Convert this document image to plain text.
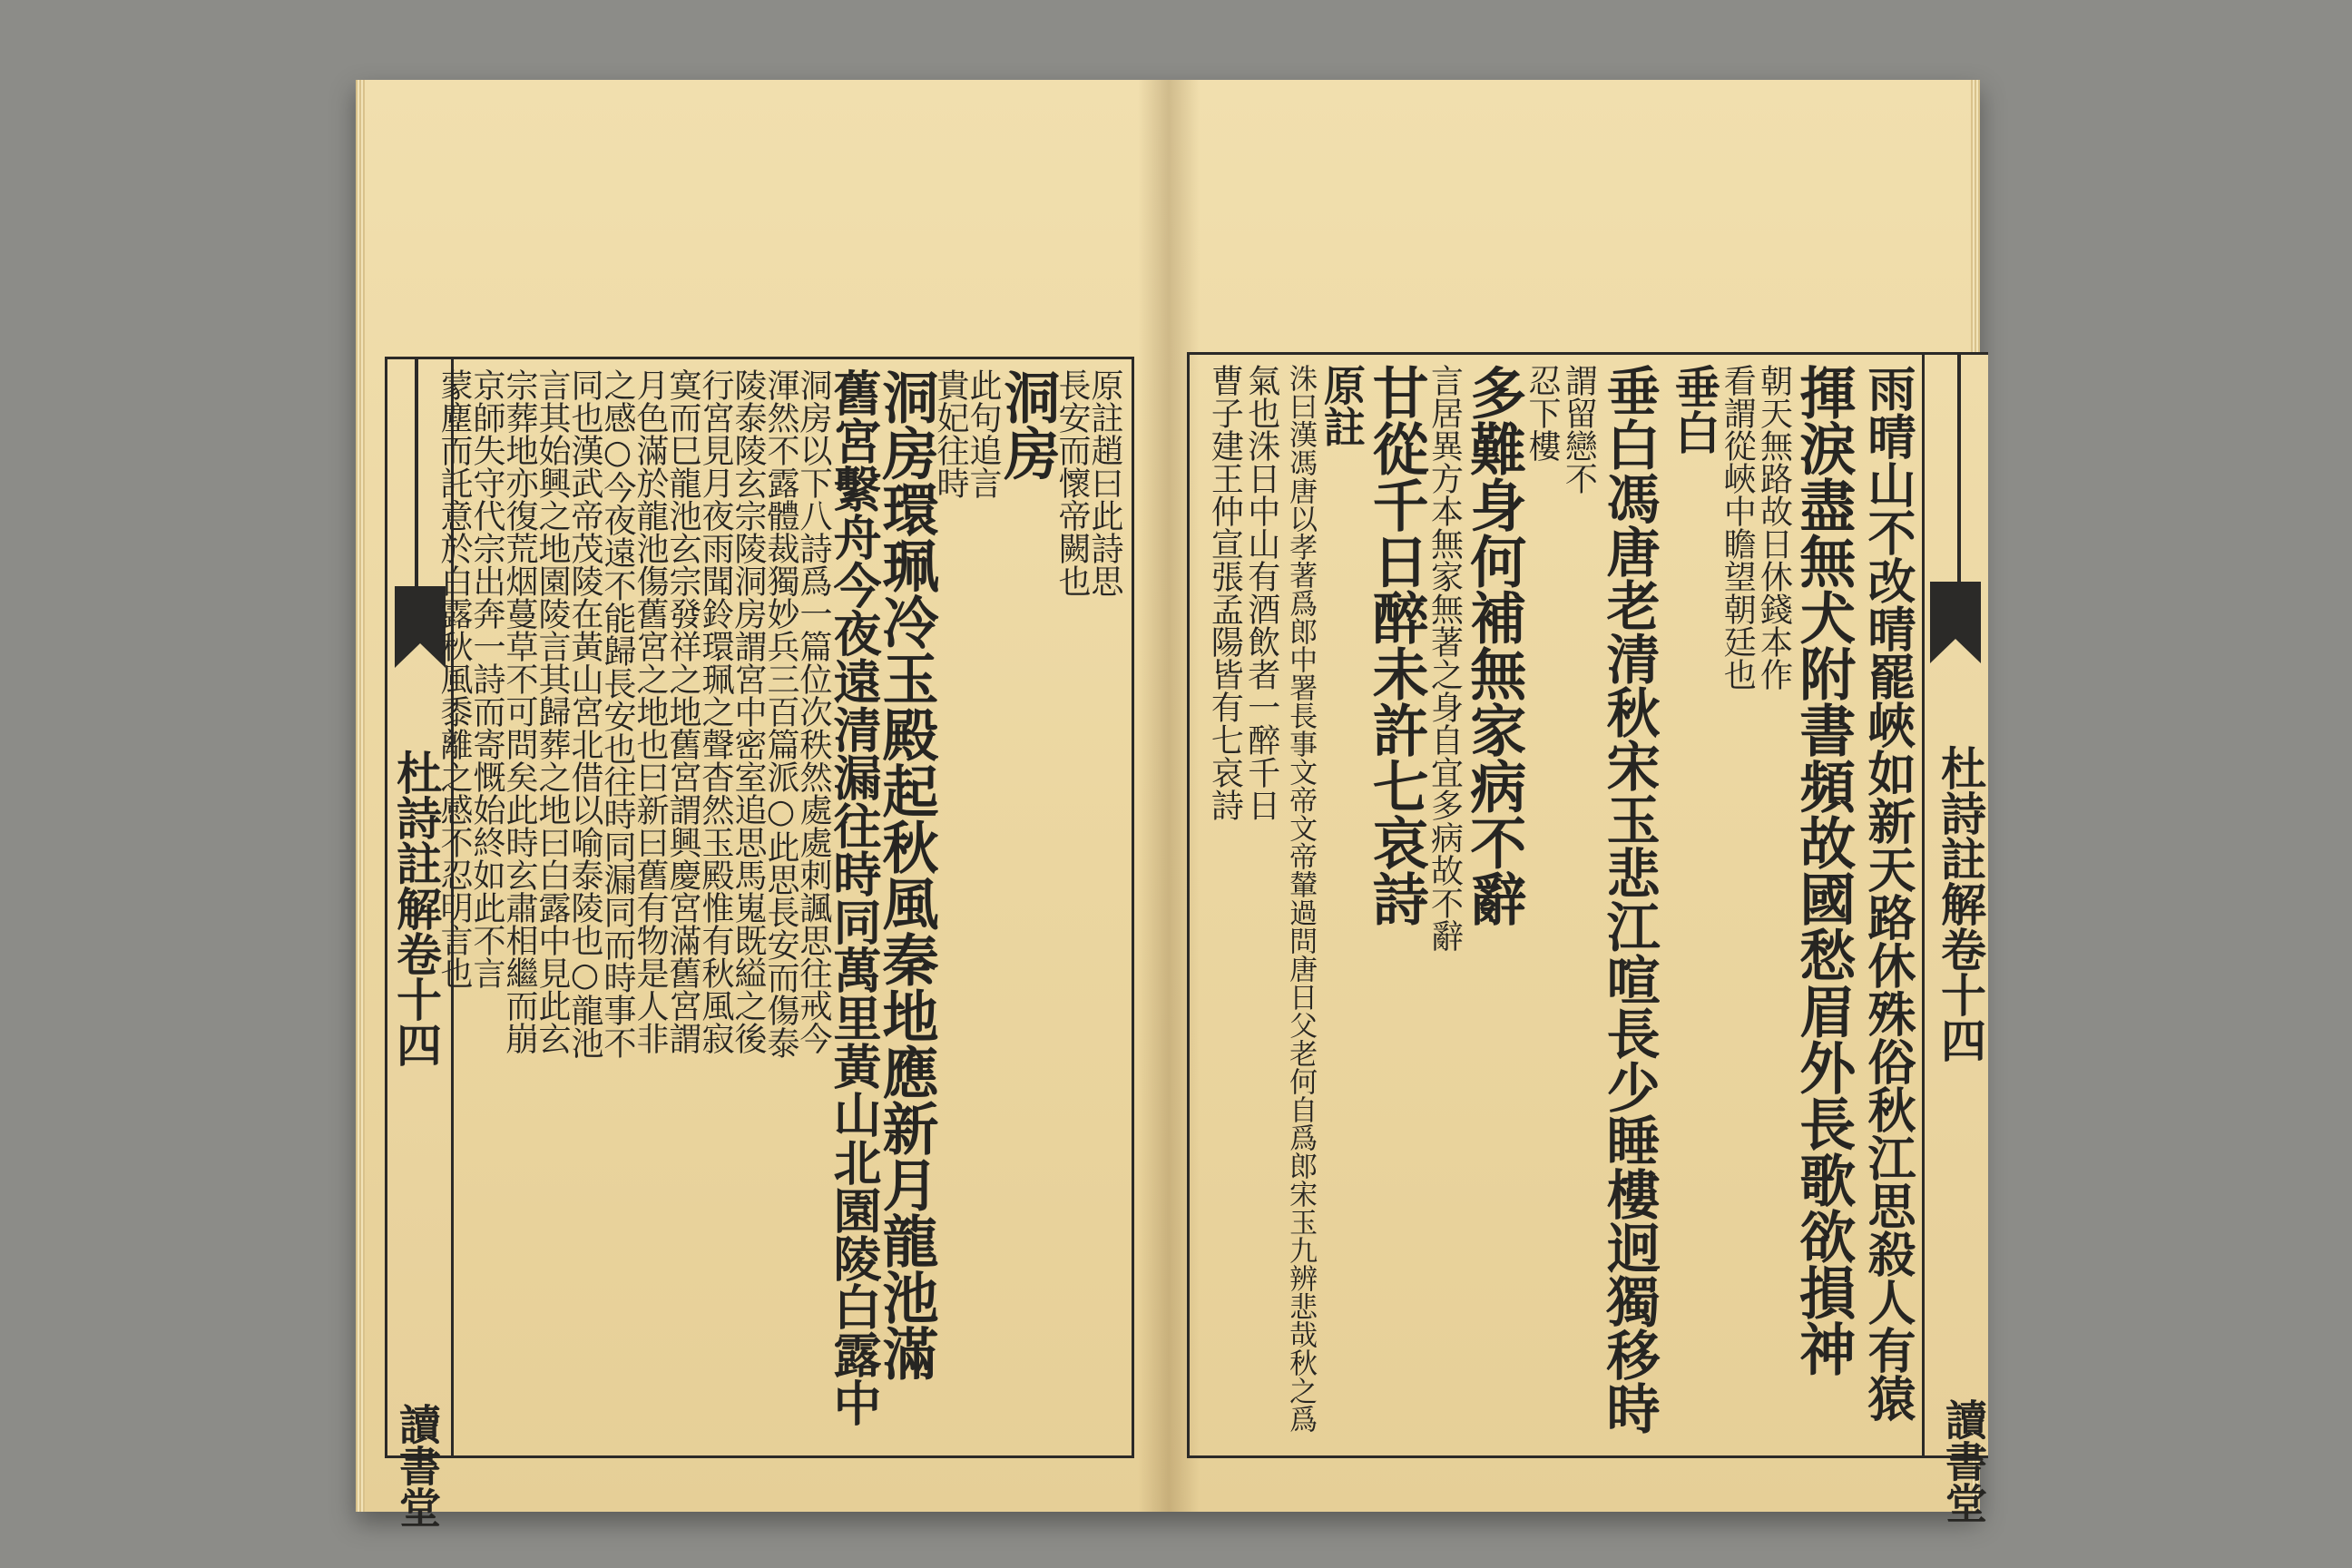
杜詩註解卷十四
讀書堂
原註趙曰此詩思
長安而懷帝闕也
洞房
此句追言
貴妃往時
洞房環珮冷玉殿起秋風秦地應新月龍池滿
舊宮繫舟今夜遠清漏往時同萬里黃山北園陵白露中
洞房以下八詩爲一篇位次秩然處處刺諷思往戒今
渾然不露體裁獨妙兵三百篇派○此思長安而傷泰
陵泰陵玄宗陵洞房謂宮中密室追思馬嵬既縊之後
行宮見月夜雨聞鈴環珮之聲杳然玉殿惟有秋風寂
寞而巳龍池玄宗發祥之地舊宮謂興慶宮滿舊宮謂
月色滿於龍池傷舊宮之地也曰新曰舊有物是人非
之感○今夜遠不能歸長安也往時同漏同而時事不
同也漢武帝茂陵在黃山宮北借以喻泰陵也○龍池
言其始興之地園陵言其歸葬之地曰白露中見此玄
宗葬地亦復荒烟蔓草不可問矣此時玄肅相繼而崩
京師失守代宗出奔一詩而寄慨始終如此不言
蒙塵而託意於白露秋風黍離之感不忍明言也	杜詩註解卷十四
讀書堂
雨晴山不改晴罷峽如新天路休殊俗秋江思殺人有猿
揮淚盡無犬附書頻故國愁眉外長歌欲損神
朝天無路故日休錢本作
看謂從峽中瞻望朝廷也
垂白
垂白馮唐老清秋宋玉悲江喧長少睡樓迥獨移時
謂留戀不
忍下樓
多難身何補無家病不辭
言居異方本無家無著之身自宜多病故不辭
甘從千日醉未許七哀詩
原註
洙曰漢馮唐以孝著爲郎中署長事文帝文帝輦過問唐日父老何自爲郎宋玉九辨悲哉秋之爲
氣也洙日中山有酒飲者一醉千日
曹子建王仲宣張孟陽皆有七哀詩
